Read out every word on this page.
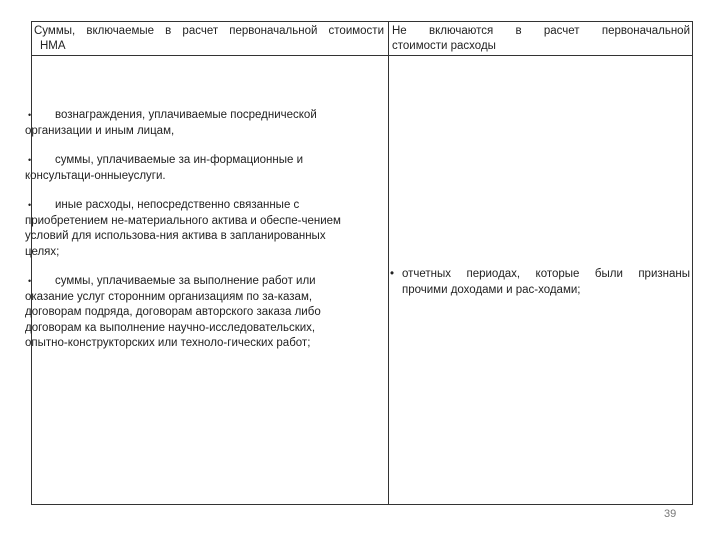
Суммы, включаемые в расчет первоначальной стоимости
НМА
Не включаются в расчет первоначальной
стоимости расходы
• отчетных периодах, которые были признаны
прочими доходами и рас-ходами;
• вознаграждения, уплачиваемые посреднической
организации и иным лицам,
• суммы, уплачиваемые за ин-формационные и
консультаци-онныеуслуги.
• иные расходы, непосредственно связанные с
приобретением не-материального актива и обеспе-чением условий для использова-ния актива в запланированных целях;
• суммы, уплачиваемые за выполнение работ или
оказание услуг сторонним организациям по за-казам, договорам подряда, договорам авторского заказа либо договорам ка выполнение научно-исследовательских, опытно-конструкторских или техноло-гических работ;
39
